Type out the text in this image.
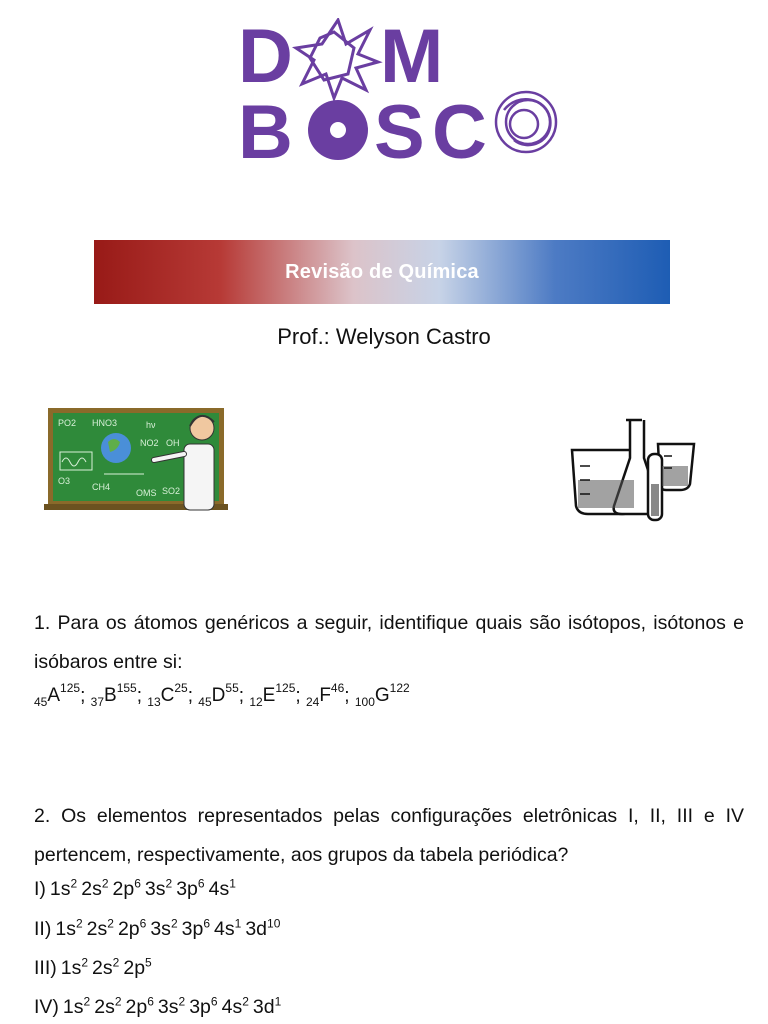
D M
B S C
Revisão de Química
Prof.: Welyson Castro
PO2 HNO3	hν
NO2 OH
CH4
OMS SO2
O3
1. Para os átomos genéricos a seguir, identifique quais são isótopos, isótonos e isóbaros entre si:
$_{45}A^{125}$; $_{37}B^{155}$; $_{13}C^{25}$; $_{45}D^{55}$; $_{12}E^{125}$; $_{24}F^{46}$; $_{100}G^{122}$
2. Os elementos representados pelas configurações eletrônicas I, II, III e IV pertencem, respectivamente, aos grupos da tabela periódica?
I) $1s^2$ $2s^2$ $2p^6$ $3s^2$ $3p^6$ $4s^1$
II) $1s^2$ $2s^2$ $2p^6$ $3s^2$ $3p^6$ $4s^1$ $3d^{10}$
III) $1s^2$ $2s^2$ $2p^5$
IV) $1s^2$ $2s^2$ $2p^6$ $3s^2$ $3p^6$ $4s^2$ $3d^1$
